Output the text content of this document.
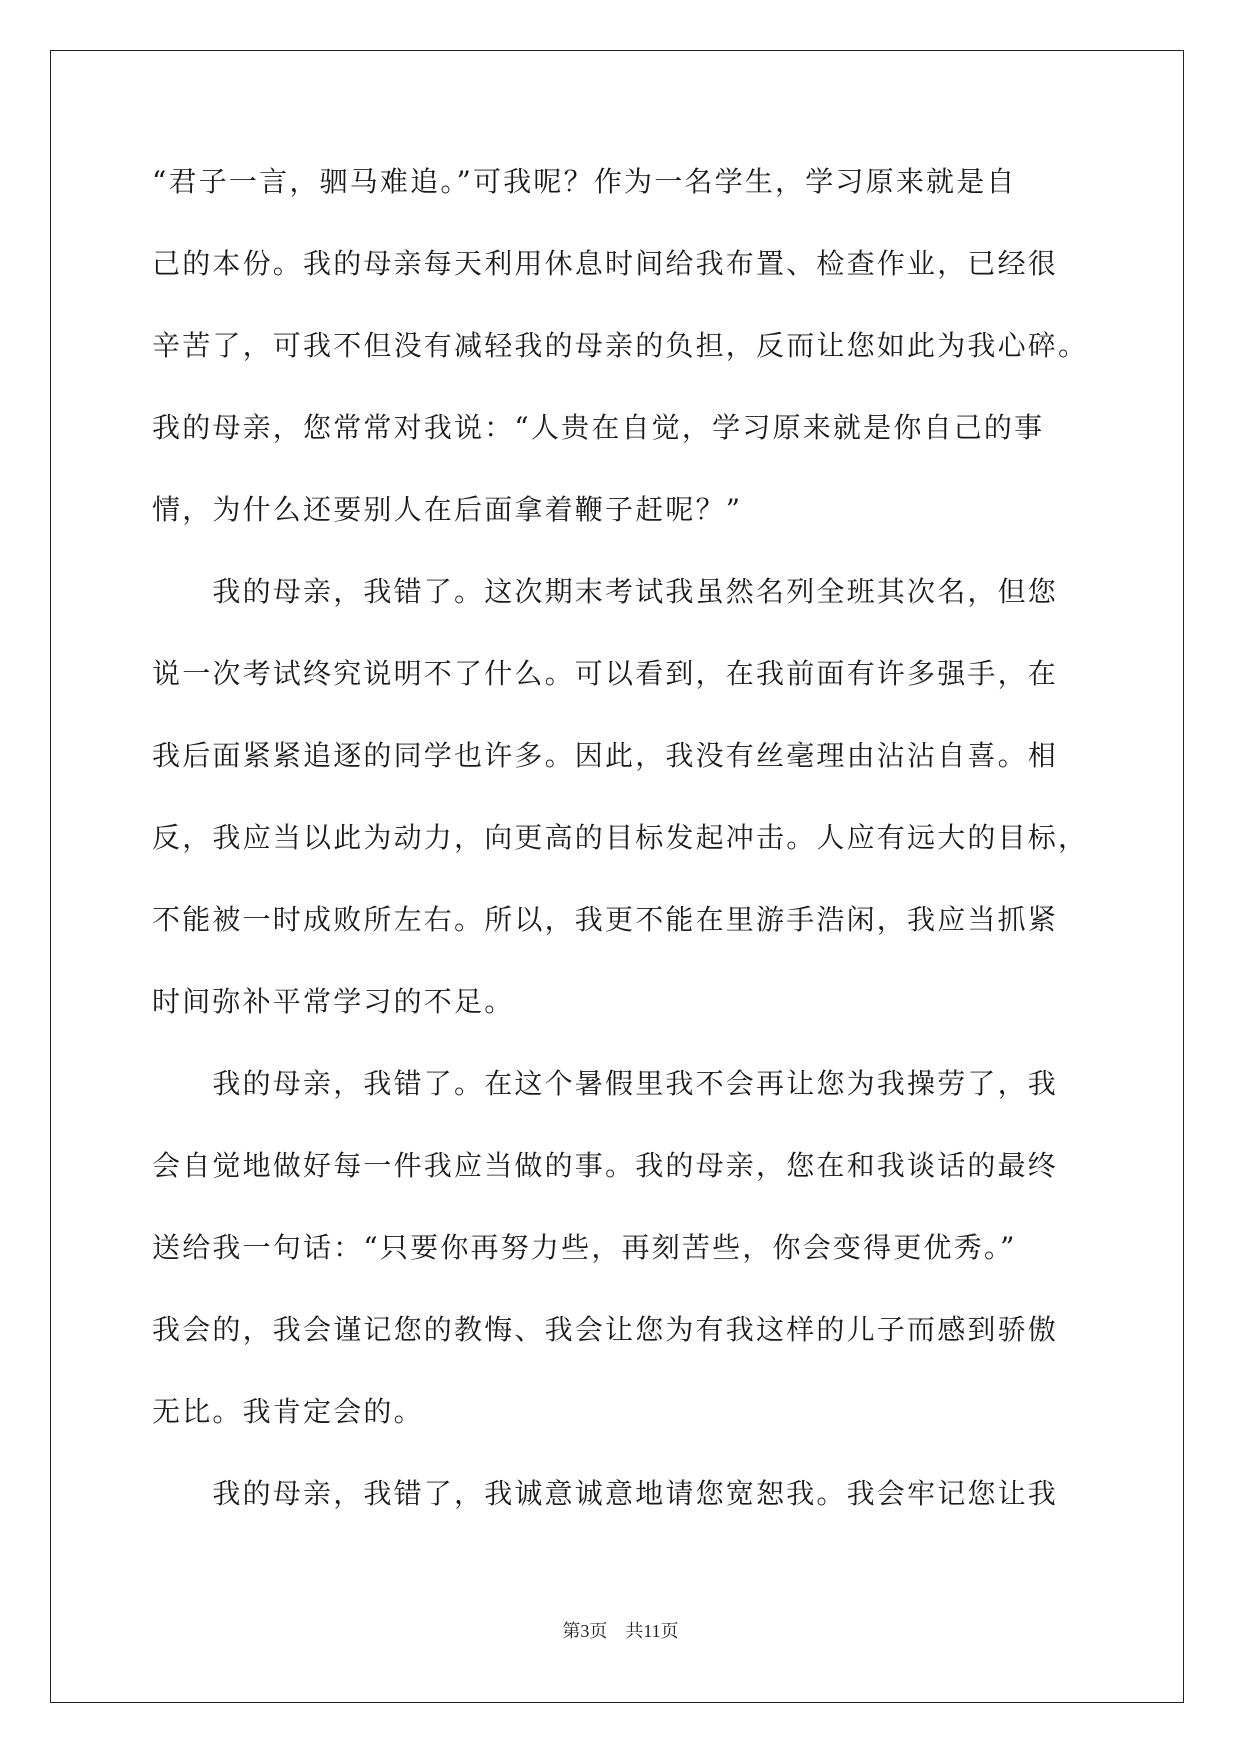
“君子一言，驷马难追。”可我呢？作为一名学生，学习原来就是自
己的本份。我的母亲每天利用休息时间给我布置、检查作业，已经很
辛苦了，可我不但没有减轻我的母亲的负担，反而让您如此为我心碎。
我的母亲，您常常对我说：“人贵在自觉，学习原来就是你自己的事
情，为什么还要别人在后面拿着鞭子赶呢？”
　　我的母亲，我错了。这次期末考试我虽然名列全班其次名，但您
说一次考试终究说明不了什么。可以看到，在我前面有许多强手，在
我后面紧紧追逐的同学也许多。因此，我没有丝毫理由沾沾自喜。相
反，我应当以此为动力，向更高的目标发起冲击。人应有远大的目标，
不能被一时成败所左右。所以，我更不能在里游手浩闲，我应当抓紧
时间弥补平常学习的不足。
　　我的母亲，我错了。在这个暑假里我不会再让您为我操劳了，我
会自觉地做好每一件我应当做的事。我的母亲，您在和我谈话的最终
送给我一句话：“只要你再努力些，再刻苦些，你会变得更优秀。”
我会的，我会谨记您的教悔、我会让您为有我这样的儿子而感到骄傲
无比。我肯定会的。
　　我的母亲，我错了，我诚意诚意地请您宽恕我。我会牢记您让我
第3页　共11页
